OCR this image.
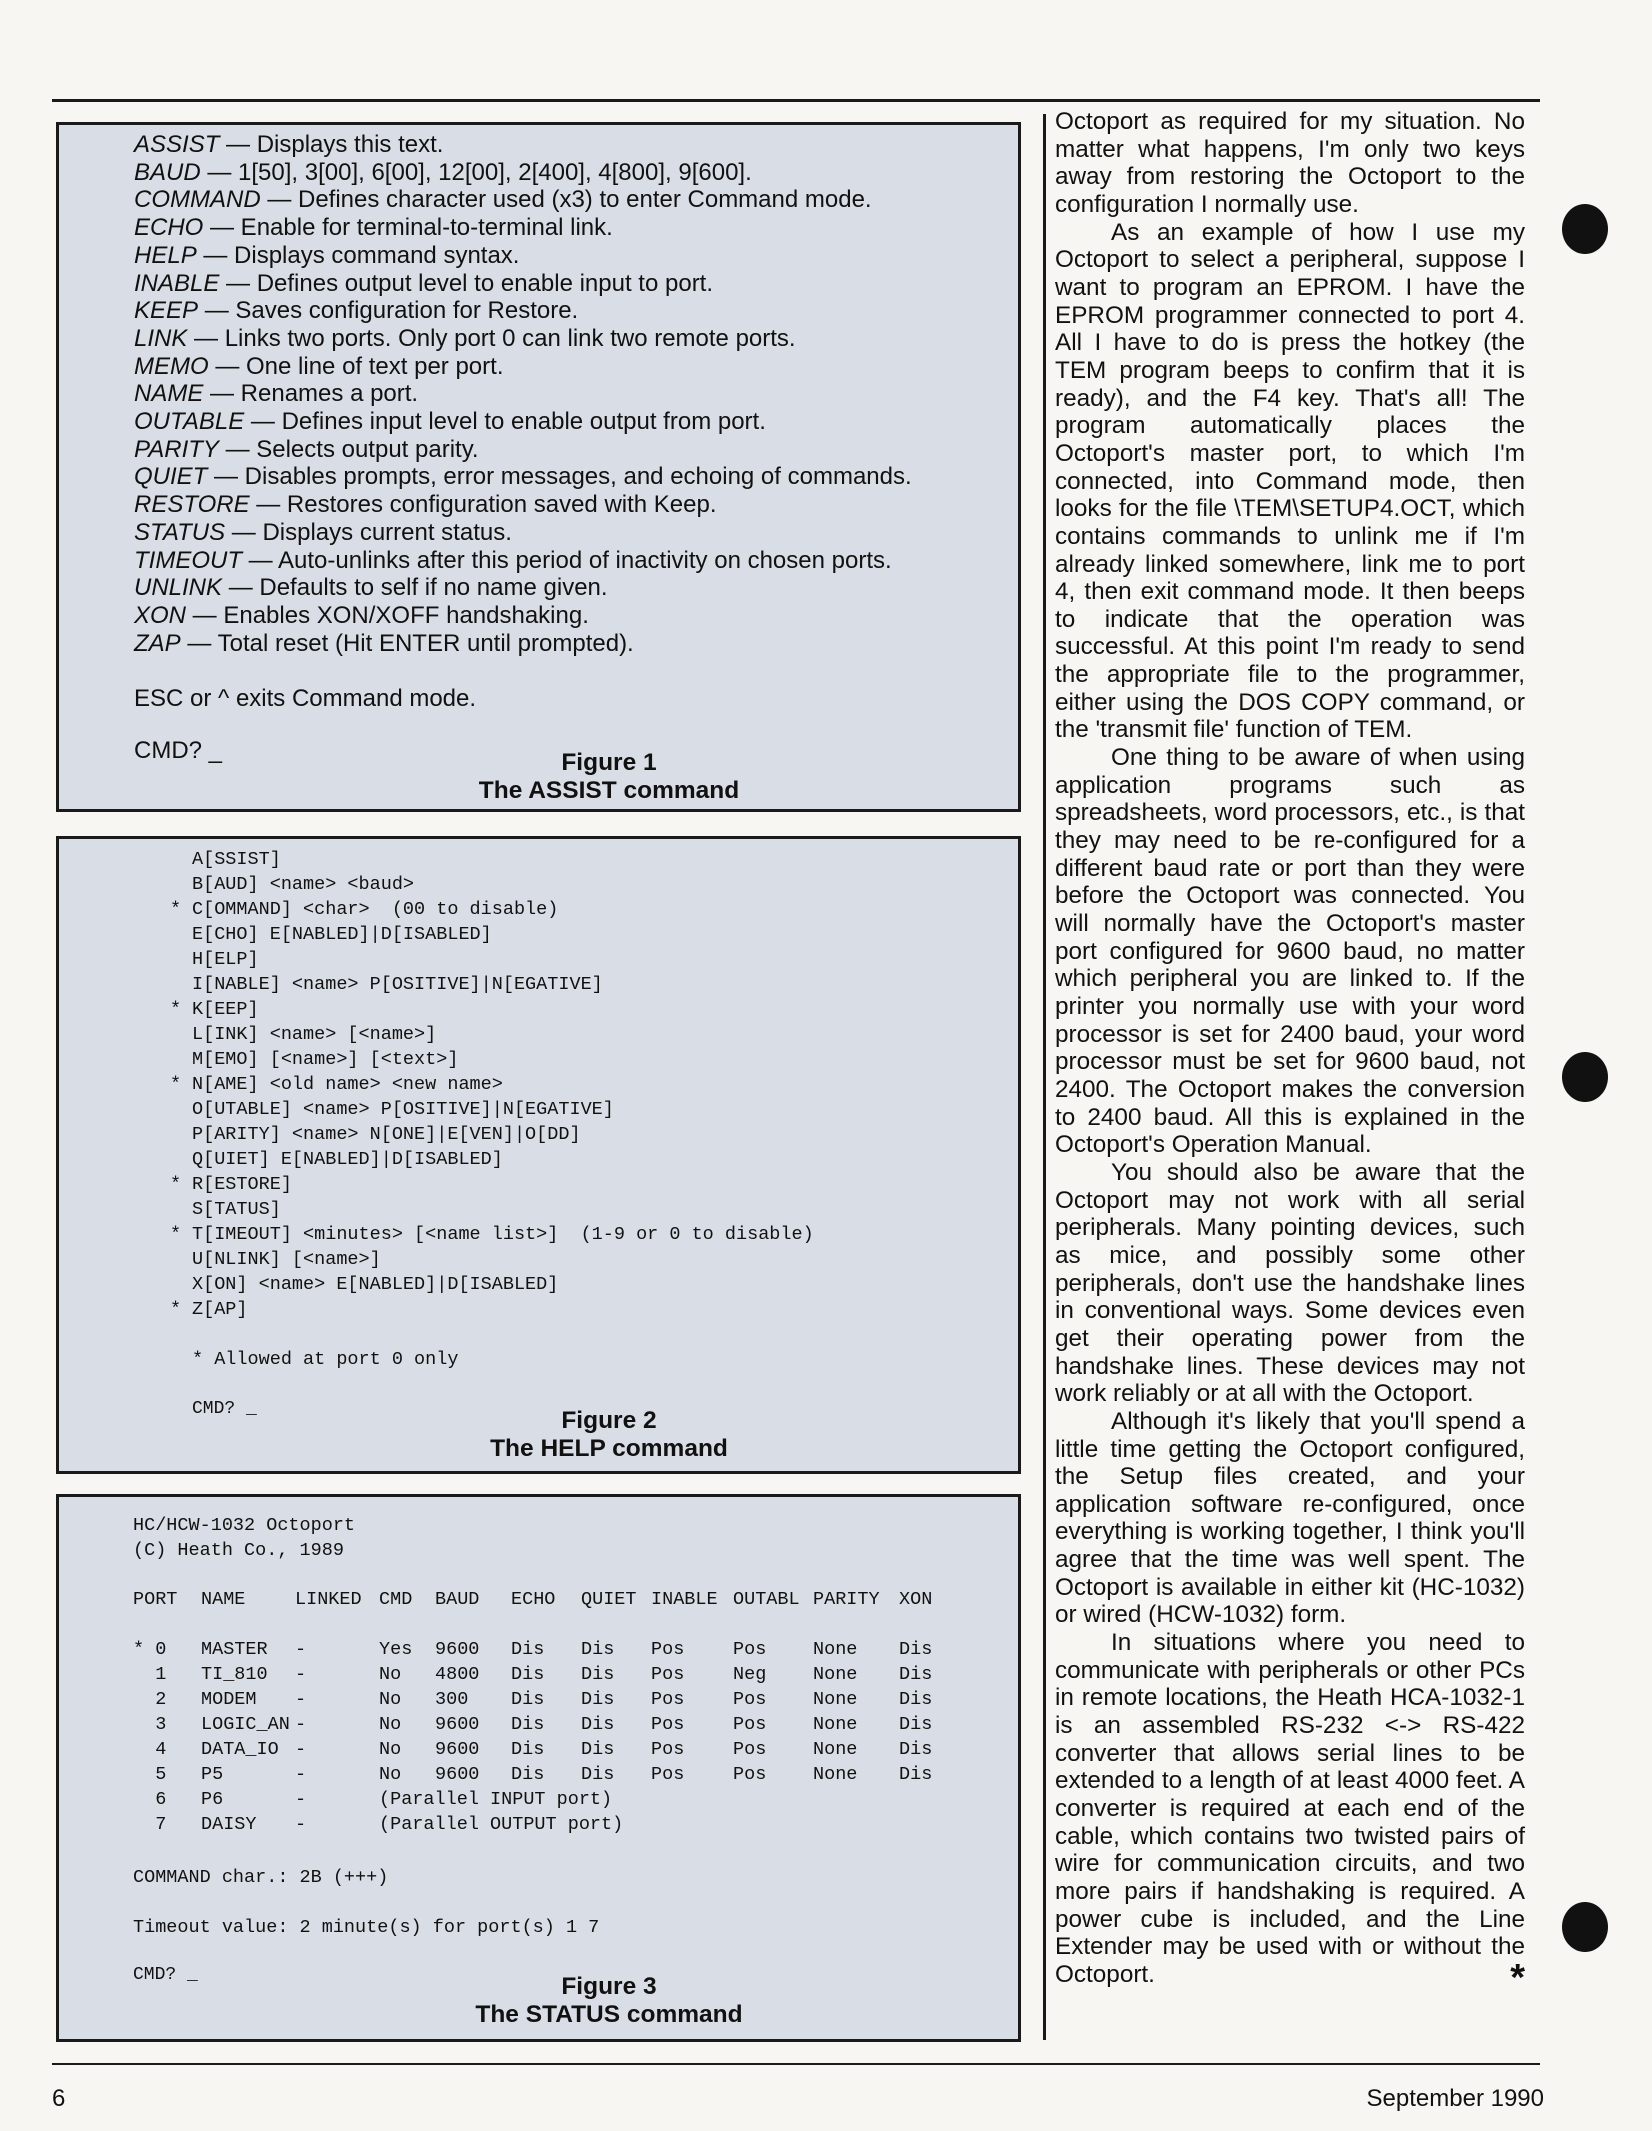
ASSIST — Displays this text.
BAUD — 1[50], 3[00], 6[00], 12[00], 2[400], 4[800], 9[600].
COMMAND — Defines character used (x3) to enter Command mode.
ECHO — Enable for terminal-to-terminal link.
HELP — Displays command syntax.
INABLE — Defines output level to enable input to port.
KEEP — Saves configuration for Restore.
LINK — Links two ports. Only port 0 can link two remote ports.
MEMO — One line of text per port.
NAME — Renames a port.
OUTABLE — Defines input level to enable output from port.
PARITY — Selects output parity.
QUIET — Disables prompts, error messages, and echoing of commands.
RESTORE — Restores configuration saved with Keep.
STATUS — Displays current status.
TIMEOUT — Auto-unlinks after this period of inactivity on chosen ports.
UNLINK — Defaults to self if no name given.
XON — Enables XON/XOFF handshaking.
ZAP — Total reset (Hit ENTER until prompted).
ESC or ^ exits Command mode.
CMD? _	Figure 1
The ASSIST command
A[SSIST]
B[AUD] <name> <baud>
* C[OMMAND] <char>  (00 to disable)
E[CHO] E[NABLED]|D[ISABLED]
H[ELP]
I[NABLE] <name> P[OSITIVE]|N[EGATIVE]
* K[EEP]
L[INK] <name> [<name>]
M[EMO] [<name>] [<text>]
* N[AME] <old name> <new name>
O[UTABLE] <name> P[OSITIVE]|N[EGATIVE]
P[ARITY] <name> N[ONE]|E[VEN]|O[DD]
Q[UIET] E[NABLED]|D[ISABLED]
* R[ESTORE]
S[TATUS]
* T[IMEOUT] <minutes> [<name list>]  (1-9 or 0 to disable)
U[NLINK] [<name>]
X[ON] <name> E[NABLED]|D[ISABLED]
* Z[AP]
* Allowed at port 0 only
CMD? _	Figure 2
The HELP command
HC/HCW-1032 Octoport
(C) Heath Co., 1989
PORT NAME	LINKED CMD BAUD ECHO QUIET INABLE OUTABL PARITY XON
* 0 MASTER -	Yes 9600 Dis Dis Pos	Pos	None Dis
1 TI_810 -	No 4800 Dis Dis Pos	Neg	None Dis
2 MODEM -	No 300 Dis Dis Pos	Pos	None Dis
3 LOGIC_AN -	No 9600 Dis Dis Pos	Pos	None Dis
4 DATA_IO -	No 9600 Dis Dis Pos	Pos	None Dis
5 P5	-	No 9600 Dis Dis Pos	Pos	None Dis
6 P6	-	(Parallel INPUT port)
7 DAISY -	(Parallel OUTPUT port)
COMMAND char.: 2B (+++)
Timeout value: 2 minute(s) for port(s) 1 7
CMD? _	Figure 3
The STATUS command

Octoport as required for my situation. No matter what happens, I'm only two keys away from restoring the Octoport to the configuration I normally use.

As an example of how I use my Octoport to select a peripheral, suppose I want to program an EPROM. I have the EPROM programmer connected to port 4. All I have to do is press the hotkey (the TEM program beeps to confirm that it is ready), and the F4 key. That's all! The program automatically places the Octoport's master port, to which I'm connected, into Command mode, then looks for the file \TEM\SETUP4.OCT, which contains commands to unlink me if I'm already linked somewhere, link me to port 4, then exit command mode. It then beeps to indicate that the operation was successful. At this point I'm ready to send the appropriate file to the programmer, either using the DOS COPY command, or the 'transmit file' function of TEM.

One thing to be aware of when using application programs such as spreadsheets, word processors, etc., is that they may need to be re-configured for a different baud rate or port than they were before the Octoport was connected. You will normally have the Octoport's master port configured for 9600 baud, no matter which peripheral you are linked to. If the printer you normally use with your word processor is set for 2400 baud, your word processor must be set for 9600 baud, not 2400. The Octoport makes the conversion to 2400 baud. All this is explained in the Octoport's Operation Manual.

You should also be aware that the Octoport may not work with all serial peripherals. Many pointing devices, such as mice, and possibly some other peripherals, don't use the handshake lines in conventional ways. Some devices even get their operating power from the handshake lines. These devices may not work reliably or at all with the Octoport.

Although it's likely that you'll spend a little time getting the Octoport configured, the Setup files created, and your application software re-configured, once everything is working together, I think you'll agree that the time was well spent. The Octoport is available in either kit (HC-1032) or wired (HCW-1032) form.

In situations where you need to communicate with peripherals or other PCs in remote locations, the Heath HCA-1032-1 is an assembled RS-232 <-> RS-422 converter that allows serial lines to be extended to a length of at least 4000 feet. A converter is required at each end of the cable, which contains two twisted pairs of wire for communication circuits, and two more pairs if handshaking is required. A power cube is included, and the Line Extender may be used with or without the Octoport.	*

6	September 1990
